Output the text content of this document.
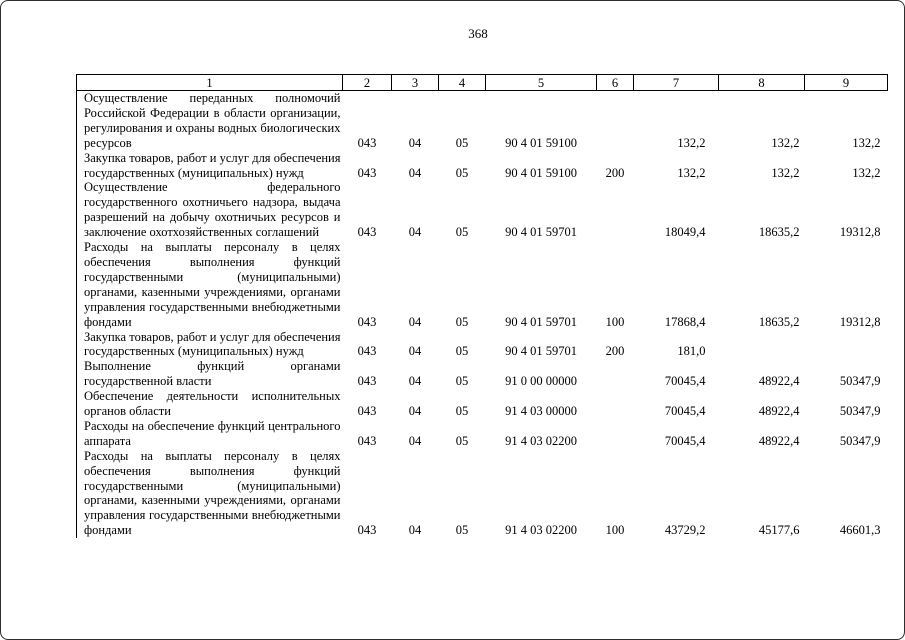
368
1	2	3	4	5	6	7	8	9
Осуществление переданных полномочий Российской Федерации в области организации, регулирования и охраны водных биологических ресурсов	043	04	05	90 4 01 59100		132,2	132,2	132,2
Закупка товаров, работ и услуг для обеспечения государственных (муниципальных) нужд	043	04	05	90 4 01 59100	200	132,2	132,2	132,2
Осуществление федерального государственного охотничьего надзора, выдача разрешений на добычу охотничьих ресурсов и заключение охотхозяйственных соглашений	043	04	05	90 4 01 59701		18049,4	18635,2	19312,8
Расходы на выплаты персоналу в целях обеспечения выполнения функций государственными (муниципальными) органами, казенными учреждениями, органами управления государственными внебюджетными фондами	043	04	05	90 4 01 59701	100	17868,4	18635,2	19312,8
Закупка товаров, работ и услуг для обеспечения государственных (муниципальных) нужд	043	04	05	90 4 01 59701	200	181,0		
Выполнение функций органами государственной власти	043	04	05	91 0 00 00000		70045,4	48922,4	50347,9
Обеспечение деятельности исполнительных органов области	043	04	05	91 4 03 00000		70045,4	48922,4	50347,9
Расходы на обеспечение функций центрального аппарата	043	04	05	91 4 03 02200		70045,4	48922,4	50347,9
Расходы на выплаты персоналу в целях обеспечения выполнения функций государственными (муниципальными) органами, казенными учреждениями, органами управления государственными внебюджетными фондами	043	04	05	91 4 03 02200	100	43729,2	45177,6	46601,3
